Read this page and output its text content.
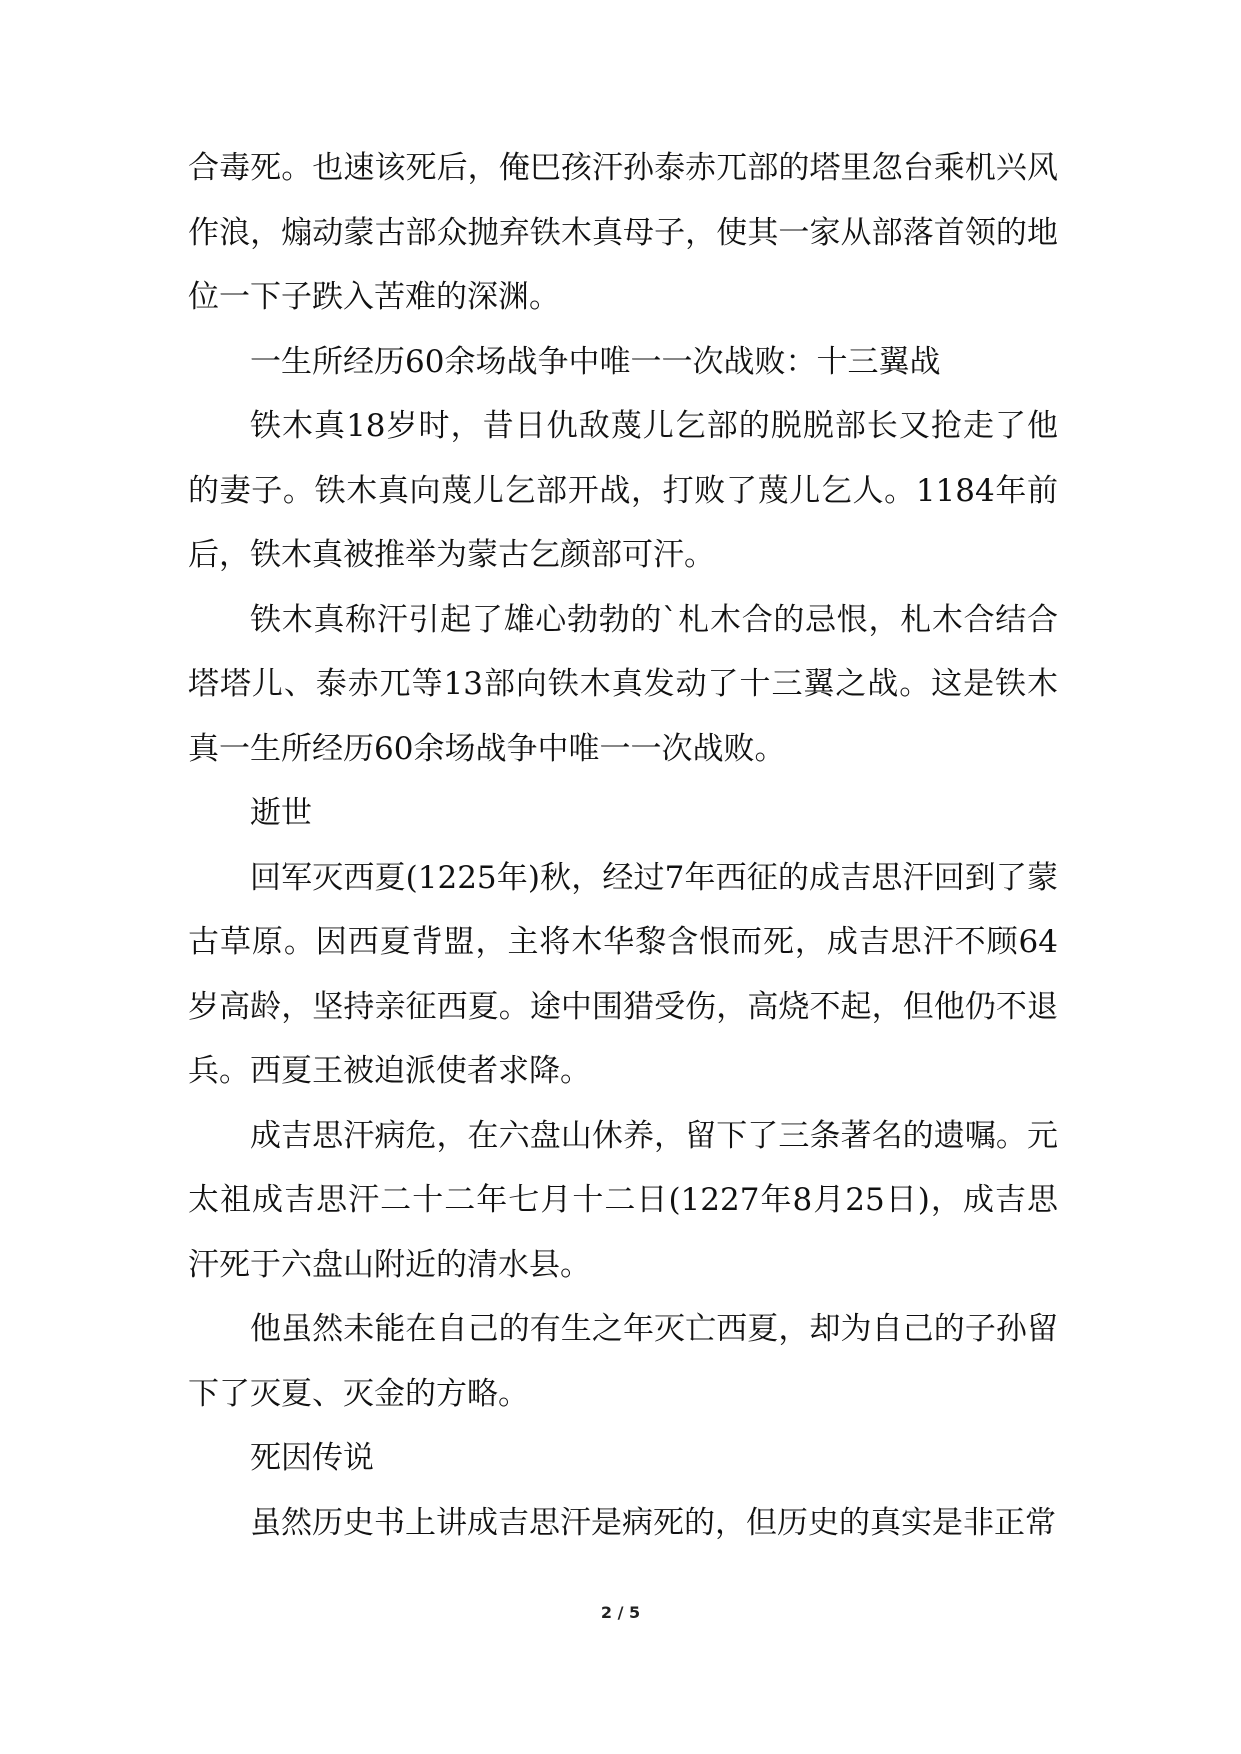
合毒死。也速该死后，俺巴孩汗孙泰赤兀部的塔里忽台乘机兴风作浪，煽动蒙古部众抛弃铁木真母子，使其一家从部落首领的地位一下子跌入苦难的深渊。

一生所经历60余场战争中唯一一次战败：十三翼战

铁木真18岁时，昔日仇敌蔑儿乞部的脱脱部长又抢走了他的妻子。铁木真向蔑儿乞部开战，打败了蔑儿乞人。1184年前后，铁木真被推举为蒙古乞颜部可汗。

铁木真称汗引起了雄心勃勃的`札木合的忌恨，札木合结合塔塔儿、泰赤兀等13部向铁木真发动了十三翼之战。这是铁木真一生所经历60余场战争中唯一一次战败。

逝世

回军灭西夏(1225年)秋，经过7年西征的成吉思汗回到了蒙古草原。因西夏背盟，主将木华黎含恨而死，成吉思汗不顾64岁高龄，坚持亲征西夏。途中围猎受伤，高烧不起，但他仍不退兵。西夏王被迫派使者求降。

成吉思汗病危，在六盘山休养，留下了三条著名的遗嘱。元太祖成吉思汗二十二年七月十二日(1227年8月25日)，成吉思汗死于六盘山附近的清水县。

他虽然未能在自己的有生之年灭亡西夏，却为自己的子孙留下了灭夏、灭金的方略。

死因传说

虽然历史书上讲成吉思汗是病死的，但历史的真实是非正常

2 / 5
